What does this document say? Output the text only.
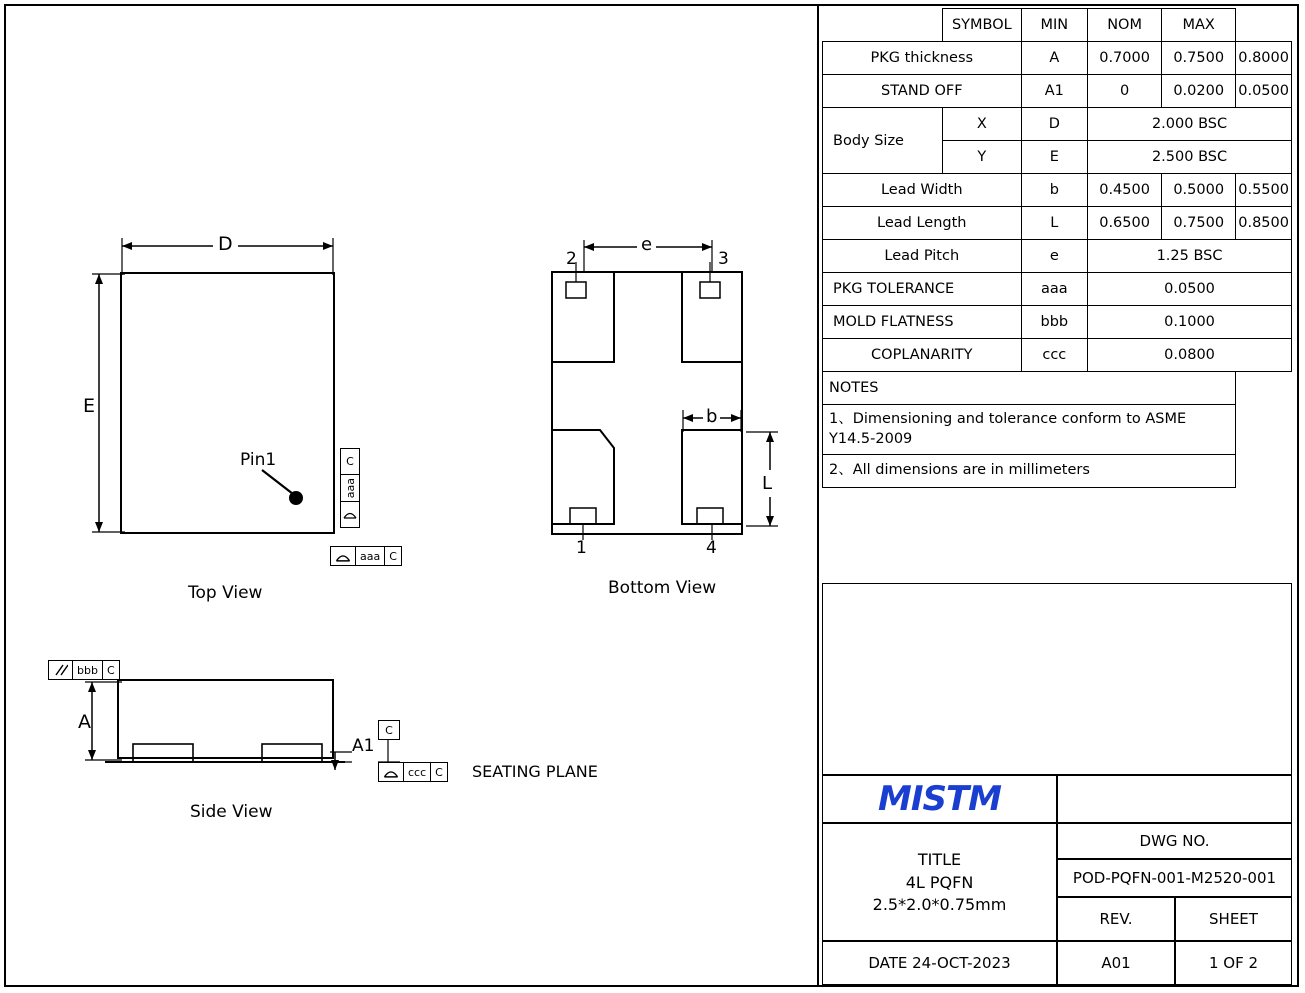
D
E
Pin1	C
aaa
aaa C
Top View
e
b
L
2	3
1	4
Bottom View
bbb C
A
A1
C
ccc C SEATING PLANE
Side View
	SYMBOL	MIN	NOM	MAX	
PKG thickness		A	0.7000	0.7500	0.8000
STAND OFF		A1	0	0.0200	0.0500
Body Size	X	D	2.000 BSC		
	Y	E	2.500 BSC		
Lead Width		b	0.4500	0.5000	0.5500
Lead Length		L	0.6500	0.7500	0.8500
Lead Pitch		e	1.25 BSC		
PKG TOLERANCE		aaa	0.0500		
MOLD FLATNESS		bbb	0.1000		
COPLANARITY		ccc	0.0800		
NOTES					
1、Dimensioning and tolerance conform to ASME Y14.5-2009					
2、All dimensions are in millimeters					
MISTM
TITLE
4L PQFN
2.5*2.0*0.75mm
DWG NO.
POD-PQFN-001-M2520-001
REV.	SHEET
DATE 24-OCT-2023	A01	1 OF 2
